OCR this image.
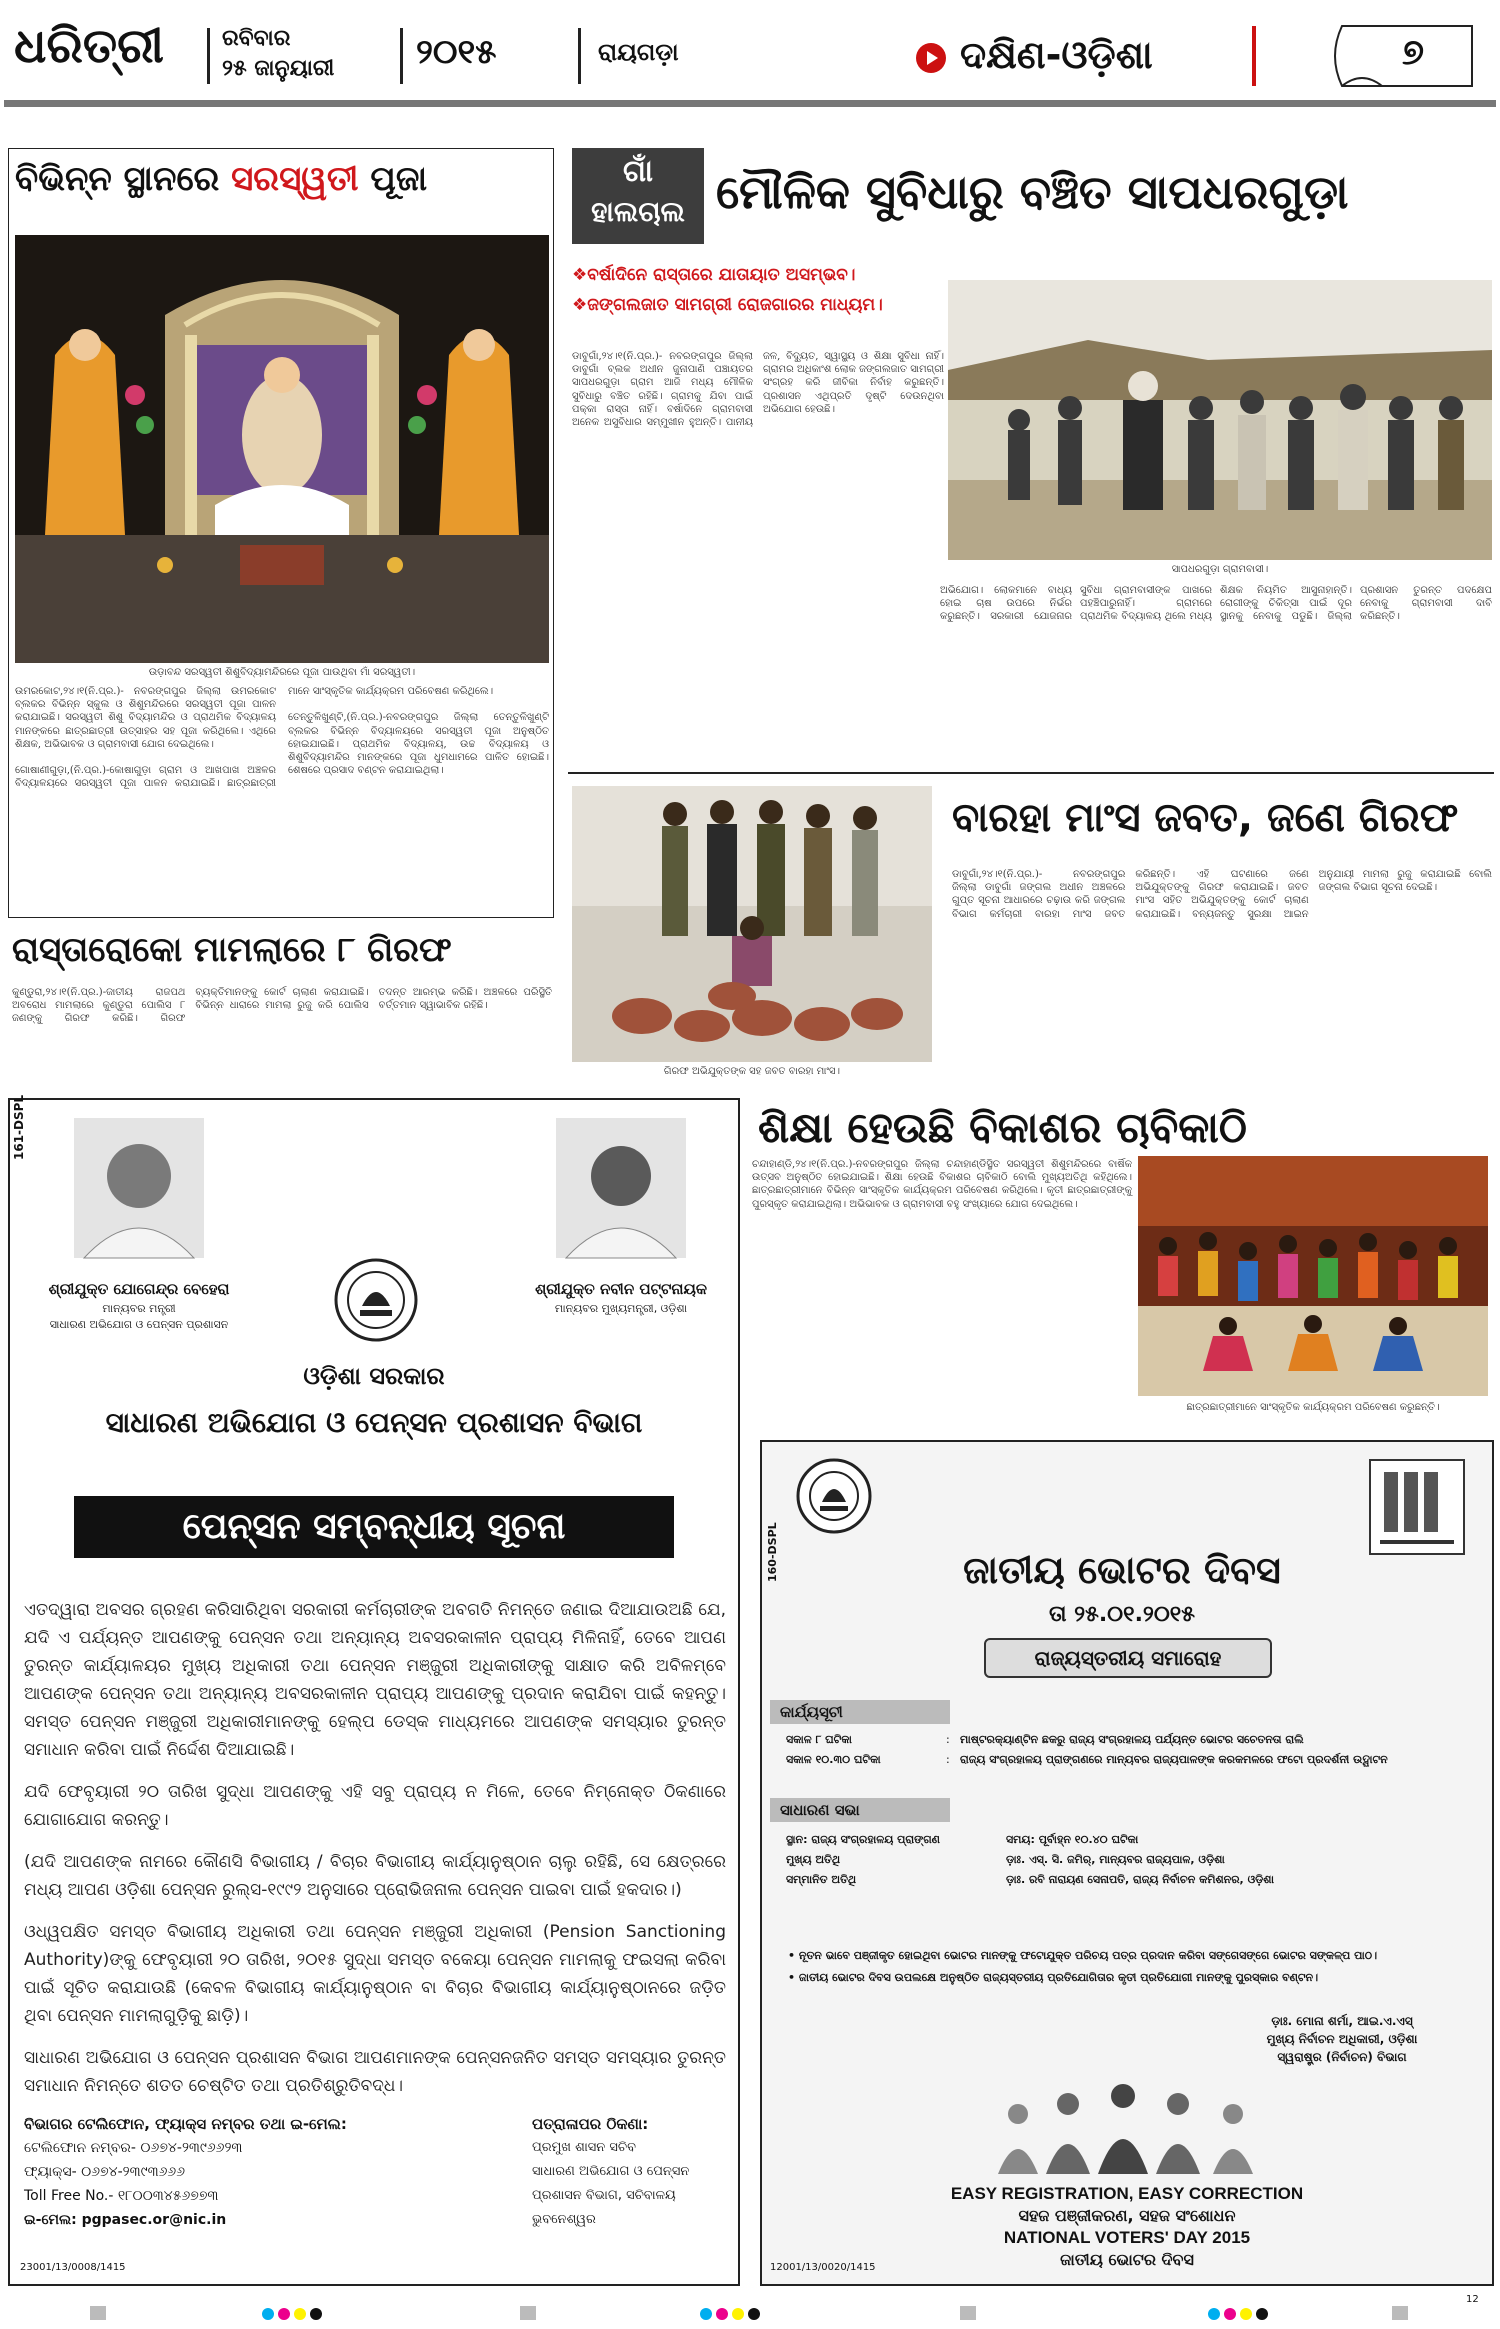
ଧରିତ୍ରୀ	ରବିବାର
୨୫ ଜାନୁୟାରୀ ୨୦୧୫	ରାୟଗଡ଼ା	ଦକ୍ଷିଣ-ଓଡ଼ିଶା	୭
ବିଭିନ୍ନ ସ୍ଥାନରେ ସରସ୍ୱତୀ ପୂଜା
ଉଡ଼ାବନ୍ଦ ସରସ୍ୱତୀ ଶିଶୁବିଦ୍ୟାମନ୍ଦିରରେ ପୂଜା ପାଉଥିବା ମାଁ ସରସ୍ୱତୀ।
ଉମରକୋଟ,୨୪।୧(ନି.ପ୍ର.)- ନବରଙ୍ଗପୁର ଜିଲ୍ଲା ଉମରକୋଟ ବ୍ଲକର ବିଭିନ୍ନ ସ୍କୁଲ ଓ ଶିଶୁମନ୍ଦିରରେ ସରସ୍ୱତୀ ପୂଜା ପାଳନ କରାଯାଇଛି। ସରସ୍ୱତୀ ଶିଶୁ ବିଦ୍ୟାମନ୍ଦିର ଓ ପ୍ରାଥମିକ ବିଦ୍ୟାଳୟ ମାନଙ୍କରେ ଛାତ୍ରଛାତ୍ରୀ ଉତ୍ସାହର ସହ ପୂଜା କରିଥିଲେ। ଏଥିରେ ଶିକ୍ଷକ, ଅଭିଭାବକ ଓ ଗ୍ରାମବାସୀ ଯୋଗ ଦେଇଥିଲେ।

ଗୋଷାଣୀଗୁଡ଼ା,(ନି.ପ୍ର.)-କୋଷାଗୁଡ଼ା ଗ୍ରାମ ଓ ଆଖପାଖ ଅଞ୍ଚଳର ବିଦ୍ୟାଳୟରେ ସରସ୍ୱତୀ ପୂଜା ପାଳନ କରାଯାଇଛି। ଛାତ୍ରଛାତ୍ରୀ ମାନେ ସାଂସ୍କୃତିକ କାର୍ଯ୍ୟକ୍ରମ ପରିବେଷଣ କରିଥିଲେ।

ତେନ୍ତୁଳିଖୁଣ୍ଟି,(ନି.ପ୍ର.)-ନବରଙ୍ଗପୁର ଜିଲ୍ଲା ତେନ୍ତୁଳିଖୁଣ୍ଟି ବ୍ଲକର ବିଭିନ୍ନ ବିଦ୍ୟାଳୟରେ ସରସ୍ୱତୀ ପୂଜା ଅନୁଷ୍ଠିତ ହୋଇଯାଇଛି। ପ୍ରାଥମିକ ବିଦ୍ୟାଳୟ, ଉଚ୍ଚ ବିଦ୍ୟାଳୟ ଓ ଶିଶୁବିଦ୍ୟାମନ୍ଦିର ମାନଙ୍କରେ ପୂଜା ଧୁମଧାମରେ ପାଳିତ ହୋଇଛି। ଶେଷରେ ପ୍ରସାଦ ବଣ୍ଟନ କରାଯାଇଥିଲା।
ରାସ୍ତାରୋକୋ ମାମଲାରେ ୮ ଗିରଫ
କୁଣ୍ଡୁରା,୨୪।୧(ନି.ପ୍ର.)-ଜାତୀୟ ରାଜପଥ ଅବରୋଧ ମାମଲାରେ କୁଣ୍ଡୁରା ପୋଲିସ ୮ ଜଣଙ୍କୁ ଗିରଫ କରିଛି। ଗିରଫ ବ୍ୟକ୍ତିମାନଙ୍କୁ କୋର୍ଟ ଚାଲାଣ କରାଯାଇଛି। ବିଭିନ୍ନ ଧାରାରେ ମାମଲା ରୁଜୁ କରି ପୋଲିସ ତଦନ୍ତ ଆରମ୍ଭ କରିଛି। ଅଞ୍ଚଳରେ ପରିସ୍ଥିତି ବର୍ତ୍ତମାନ ସ୍ୱାଭାବିକ ରହିଛି।
ଗାଁ
ହାଲଚାଲ ମୌଳିକ ସୁବିଧାରୁ ବଞ୍ଚିତ ସାପଧରଗୁଡ଼ା
❖ବର୍ଷାଦିନେ ରାସ୍ତାରେ ଯାତାୟାତ ଅସମ୍ଭବ।
❖ଜଙ୍ଗଲଜାତ ସାମଗ୍ରୀ ରୋଜଗାରର ମାଧ୍ୟମ।
ଡାବୁଗାଁ,୨୪।୧(ନି.ପ୍ର.)- ନବରଙ୍ଗପୁର ଜିଲ୍ଲା ଡାବୁଗାଁ ବ୍ଲକ ଅଧୀନ ଜୁନାପାଣି ପଞ୍ଚାୟତର ସାପଧରଗୁଡ଼ା ଗ୍ରାମ ଆଜି ମଧ୍ୟ ମୌଳିକ ସୁବିଧାରୁ ବଞ୍ଚିତ ରହିଛି। ଗ୍ରାମକୁ ଯିବା ପାଇଁ ପକ୍କା ରାସ୍ତା ନାହିଁ। ବର୍ଷାଦିନେ ଗ୍ରାମବାସୀ ଅନେକ ଅସୁବିଧାର ସମ୍ମୁଖୀନ ହୁଅନ୍ତି। ପାନୀୟ ଜଳ, ବିଦ୍ୟୁତ, ସ୍ୱାସ୍ଥ୍ୟ ଓ ଶିକ୍ଷା ସୁବିଧା ନାହିଁ। ଗ୍ରାମର ଅଧିକାଂଶ ଲୋକ ଜଙ୍ଗଲଜାତ ସାମଗ୍ରୀ ସଂଗ୍ରହ କରି ଜୀବିକା ନିର୍ବାହ କରୁଛନ୍ତି। ପ୍ରଶାସନ ଏଥିପ୍ରତି ଦୃଷ୍ଟି ଦେଉନଥିବା ଅଭିଯୋଗ ହେଉଛି।
ସାପଧରଗୁଡ଼ା ଗ୍ରାମବାସୀ।
ଅଭିଯୋଗ। ଲୋକମାନେ ବାଧ୍ୟ ହୋଇ ଚାଷ ଉପରେ ନିର୍ଭର କରୁଛନ୍ତି। ସରକାରୀ ଯୋଜନାର ସୁବିଧା ଗ୍ରାମବାସୀଙ୍କ ପାଖରେ ପହଞ୍ଚିପାରୁନାହିଁ। ଗ୍ରାମରେ ପ୍ରାଥମିକ ବିଦ୍ୟାଳୟ ଥିଲେ ମଧ୍ୟ ଶିକ୍ଷକ ନିୟମିତ ଆସୁନାହାନ୍ତି। ରୋଗୀଙ୍କୁ ଚିକିତ୍ସା ପାଇଁ ଦୂର ସ୍ଥାନକୁ ନେବାକୁ ପଡୁଛି। ଜିଲ୍ଲା ପ୍ରଶାସନ ତୁରନ୍ତ ପଦକ୍ଷେପ ନେବାକୁ ଗ୍ରାମବାସୀ ଦାବି କରିଛନ୍ତି।
ଗିରଫ ଅଭିଯୁକ୍ତଙ୍କ ସହ ଜବତ ବାରହା ମାଂସ।
ବାରହା ମାଂସ ଜବତ, ଜଣେ ଗିରଫ
ଡାବୁଗାଁ,୨୪।୧(ନି.ପ୍ର.)- ନବରଙ୍ଗପୁର ଜିଲ୍ଲା ଡାବୁଗାଁ ଜଙ୍ଗଲ ଅଧୀନ ଅଞ୍ଚଳରେ ଗୁପ୍ତ ସୂଚନା ଆଧାରରେ ଚଢ଼ାଉ କରି ଜଙ୍ଗଲ ବିଭାଗ କର୍ମଚାରୀ ବାରହା ମାଂସ ଜବତ କରିଛନ୍ତି। ଏହି ଘଟଣାରେ ଜଣେ ଅଭିଯୁକ୍ତଙ୍କୁ ଗିରଫ କରାଯାଇଛି। ଜବତ ମାଂସ ସହିତ ଅଭିଯୁକ୍ତଙ୍କୁ କୋର୍ଟ ଚାଲାଣ କରାଯାଇଛି। ବନ୍ୟଜନ୍ତୁ ସୁରକ୍ଷା ଆଇନ ଅନୁଯାୟୀ ମାମଲା ରୁଜୁ କରାଯାଇଛି ବୋଲି ଜଙ୍ଗଲ ବିଭାଗ ସୂଚନା ଦେଇଛି।
161-DSPL
ଶ୍ରୀଯୁକ୍ତ ଯୋଗେନ୍ଦ୍ର ବେହେରା
ମାନ୍ୟବର ମନ୍ତ୍ରୀ
ସାଧାରଣ ଅଭିଯୋଗ ଓ ପେନ୍ସନ ପ୍ରଶାସନ
ଶ୍ରୀଯୁକ୍ତ ନବୀନ ପଟ୍ଟନାୟକ
ମାନ୍ୟବର ମୁଖ୍ୟମନ୍ତ୍ରୀ, ଓଡ଼ିଶା
ଓଡ଼ିଶା ସରକାର
ସାଧାରଣ ଅଭିଯୋଗ ଓ ପେନ୍ସନ ପ୍ରଶାସନ ବିଭାଗ
ପେନ୍ସନ ସମ୍ବନ୍ଧୀୟ ସୂଚନା

ଏତଦ୍ୱାରା ଅବସର ଗ୍ରହଣ କରିସାରିଥିବା ସରକାରୀ କର୍ମଚାରୀଙ୍କ ଅବଗତି ନିମନ୍ତେ ଜଣାଇ ଦିଆଯାଉଅଛି ଯେ, ଯଦି ଏ ପର୍ଯ୍ୟନ୍ତ ଆପଣଙ୍କୁ ପେନ୍ସନ ତଥା ଅନ୍ୟାନ୍ୟ ଅବସରକାଳୀନ ପ୍ରାପ୍ୟ ମିଳିନାହିଁ, ତେବେ ଆପଣ ତୁରନ୍ତ କାର୍ଯ୍ୟାଳୟର ମୁଖ୍ୟ ଅଧିକାରୀ ତଥା ପେନ୍ସନ ମଞ୍ଜୁରୀ ଅଧିକାରୀଙ୍କୁ ସାକ୍ଷାତ କରି ଅବିଳମ୍ବେ ଆପଣଙ୍କ ପେନ୍ସନ ତଥା ଅନ୍ୟାନ୍ୟ ଅବସରକାଳୀନ ପ୍ରାପ୍ୟ ଆପଣଙ୍କୁ ପ୍ରଦାନ କରାଯିବା ପାଇଁ କହନ୍ତୁ। ସମସ୍ତ ପେନ୍ସନ ମଞ୍ଜୁରୀ ଅଧିକାରୀମାନଙ୍କୁ ହେଲ୍ପ ଡେସ୍କ ମାଧ୍ୟମରେ ଆପଣଙ୍କ ସମସ୍ୟାର ତୁରନ୍ତ ସମାଧାନ କରିବା ପାଇଁ ନିର୍ଦ୍ଦେଶ ଦିଆଯାଇଛି।

ଯଦି ଫେବୃୟାରୀ ୨୦ ତାରିଖ ସୁଦ୍ଧା ଆପଣଙ୍କୁ ଏହି ସବୁ ପ୍ରାପ୍ୟ ନ ମିଳେ, ତେବେ ନିମ୍ନୋକ୍ତ ଠିକଣାରେ ଯୋଗାଯୋଗ କରନ୍ତୁ।

(ଯଦି ଆପଣଙ୍କ ନାମରେ କୌଣସି ବିଭାଗୀୟ / ବିଚାର ବିଭାଗୀୟ କାର୍ଯ୍ୟାନୁଷ୍ଠାନ ଚାଲୁ ରହିଛି, ସେ କ୍ଷେତ୍ରରେ ମଧ୍ୟ ଆପଣ ଓଡ଼ିଶା ପେନ୍ସନ ରୁଲ୍ସ-୧୯୯୨ ଅନୁସାରେ ପ୍ରୋଭିଜନାଲ ପେନ୍ସନ ପାଇବା ପାଇଁ ହକଦାର।)

ଓଧ୍ୱପକ୍ଷିତ ସମସ୍ତ ବିଭାଗୀୟ ଅଧିକାରୀ ତଥା ପେନ୍ସନ ମଞ୍ଜୁରୀ ଅଧିକାରୀ (Pension Sanctioning Authority)ଙ୍କୁ ଫେବୃୟାରୀ ୨୦ ତାରିଖ, ୨୦୧୫ ସୁଦ୍ଧା ସମସ୍ତ ବକେୟା ପେନ୍ସନ ମାମଲାକୁ ଫଇସଲା କରିବା ପାଇଁ ସୂଚିତ କରାଯାଉଛି (କେବଳ ବିଭାଗୀୟ କାର୍ଯ୍ୟାନୁଷ୍ଠାନ ବା ବିଚାର ବିଭାଗୀୟ କାର୍ଯ୍ୟାନୁଷ୍ଠାନରେ ଜଡ଼ିତ ଥିବା ପେନ୍ସନ ମାମଲାଗୁଡ଼ିକୁ ଛାଡ଼ି)।

ସାଧାରଣ ଅଭିଯୋଗ ଓ ପେନ୍ସନ ପ୍ରଶାସନ ବିଭାଗ ଆପଣମାନଙ୍କ ପେନ୍ସନଜନିତ ସମସ୍ତ ସମସ୍ୟାର ତୁରନ୍ତ ସମାଧାନ ନିମନ୍ତେ ଶତତ ଚେଷ୍ଟିତ ତଥା ପ୍ରତିଶ୍ରୁତିବଦ୍ଧ।

ବିଭାଗର ଟେଲିଫୋନ, ଫ୍ୟାକ୍ସ ନମ୍ବର ତଥା ଇ-ମେଲ:
ଟେଲିଫୋନ ନମ୍ବର- ୦୬୭୪-୨୩୯୬୬୨୩
ଫ୍ୟାକ୍ସ- ୦୬୭୪-୨୩୯୩୬୬୬
Toll Free No.- ୧୮୦୦୩୪୫୬୭୭୩
ଇ-ମେଲ: pgpasec.or@nic.in
ପତ୍ରାଳାପର ଠିକଣା:
ପ୍ରମୁଖ ଶାସନ ସଚିବ
ସାଧାରଣ ଅଭିଯୋଗ ଓ ପେନ୍ସନ
ପ୍ରଶାସନ ବିଭାଗ, ସଚିବାଳୟ
ଭୁବନେଶ୍ୱର
23001/13/0008/1415
ଶିକ୍ଷା ହେଉଛି ବିକାଶର ଚାବିକାଠି
ଚନ୍ଦାହାଣ୍ଡି,୨୪।୧(ନି.ପ୍ର.)-ନବରଙ୍ଗପୁର ଜିଲ୍ଲା ଚନ୍ଦାହାଣ୍ଡିସ୍ଥିତ ସରସ୍ୱତୀ ଶିଶୁମନ୍ଦିରରେ ବାର୍ଷିକ ଉତ୍ସବ ଅନୁଷ୍ଠିତ ହୋଇଯାଇଛି। ଶିକ୍ଷା ହେଉଛି ବିକାଶର ଚାବିକାଠି ବୋଲି ମୁଖ୍ୟଅତିଥି କହିଥିଲେ। ଛାତ୍ରଛାତ୍ରୀମାନେ ବିଭିନ୍ନ ସାଂସ୍କୃତିକ କାର୍ଯ୍ୟକ୍ରମ ପରିବେଷଣ କରିଥିଲେ। କୃତୀ ଛାତ୍ରଛାତ୍ରୀଙ୍କୁ ପୁରସ୍କୃତ କରାଯାଇଥିଲା। ଅଭିଭାବକ ଓ ଗ୍ରାମବାସୀ ବହୁ ସଂଖ୍ୟାରେ ଯୋଗ ଦେଇଥିଲେ।
ଛାତ୍ରଛାତ୍ରୀମାନେ ସାଂସ୍କୃତିକ କାର୍ଯ୍ୟକ୍ରମ ପରିବେଷଣ କରୁଛନ୍ତି।
160-DSPL	ଜାତୀୟ ଭୋଟର ଦିବସ
ତା ୨୫.୦୧.୨୦୧୫
ରାଜ୍ୟସ୍ତରୀୟ ସମାରୋହ
କାର୍ଯ୍ୟସୂଚୀ
ସକାଳ ୮ ଘଟିକା	:	ମାଷ୍ଟରକ୍ୟାଣ୍ଟିନ ଛକରୁ ରାଜ୍ୟ ସଂଗ୍ରହାଳୟ ପର୍ଯ୍ୟନ୍ତ ଭୋଟର ସଚେତନତା ରାଲି
ସକାଳ ୧୦.୩୦ ଘଟିକା	:	ରାଜ୍ୟ ସଂଗ୍ରହାଳୟ ପ୍ରାଙ୍ଗଣରେ ମାନ୍ୟବର ରାଜ୍ୟପାଳଙ୍କ କରକମଳରେ ଫଟୋ ପ୍ରଦର୍ଶନୀ ଉଦ୍ଘାଟନ
ସାଧାରଣ ସଭା
ସ୍ଥାନ: ରାଜ୍ୟ ସଂଗ୍ରହାଳୟ ପ୍ରାଙ୍ଗଣ	ସମୟ: ପୂର୍ବାହ୍ନ ୧୦.୪୦ ଘଟିକା
ମୁଖ୍ୟ ଅତିଥି	ଡ଼ାଃ. ଏସ୍. ସି. ଜମିର୍, ମାନ୍ୟବର ରାଜ୍ୟପାଳ, ଓଡ଼ିଶା
ସମ୍ମାନିତ ଅତିଥି	ଡ଼ାଃ. ରବି ନାରାୟଣ ସେନାପତି, ରାଜ୍ୟ ନିର୍ବାଚନ କମିଶନର, ଓଡ଼ିଶା
• ନୂତନ ଭାବେ ପଞ୍ଜୀକୃତ ହୋଇଥିବା ଭୋଟର ମାନଙ୍କୁ ଫଟୋଯୁକ୍ତ ପରିଚୟ ପତ୍ର ପ୍ରଦାନ କରିବା ସଙ୍ଗେସଙ୍ଗେ ଭୋଟର ସଙ୍କଳ୍ପ ପାଠ।
• ଜାତୀୟ ଭୋଟର ଦିବସ ଉପଲକ୍ଷେ ଅନୁଷ୍ଠିତ ରାଜ୍ୟସ୍ତରୀୟ ପ୍ରତିଯୋଗିତାର କୃତୀ ପ୍ରତିଯୋଗୀ ମାନଙ୍କୁ ପୁରସ୍କାର ବଣ୍ଟନ।
ଡ଼ାଃ. ମୋନା ଶର୍ମା, ଆଇ.ଏ.ଏସ୍
ମୁଖ୍ୟ ନିର୍ବାଚନ ଅଧିକାରୀ, ଓଡ଼ିଶା
ସ୍ୱରାଷ୍ଟ୍ର (ନିର୍ବାଚନ) ବିଭାଗ
EASY REGISTRATION, EASY CORRECTION
ସହଜ ପଞ୍ଜୀକରଣ, ସହଜ ସଂଶୋଧନ
NATIONAL VOTERS' DAY 2015
ଜାତୀୟ ଭୋଟର ଦିବସ
12001/13/0020/1415
12
